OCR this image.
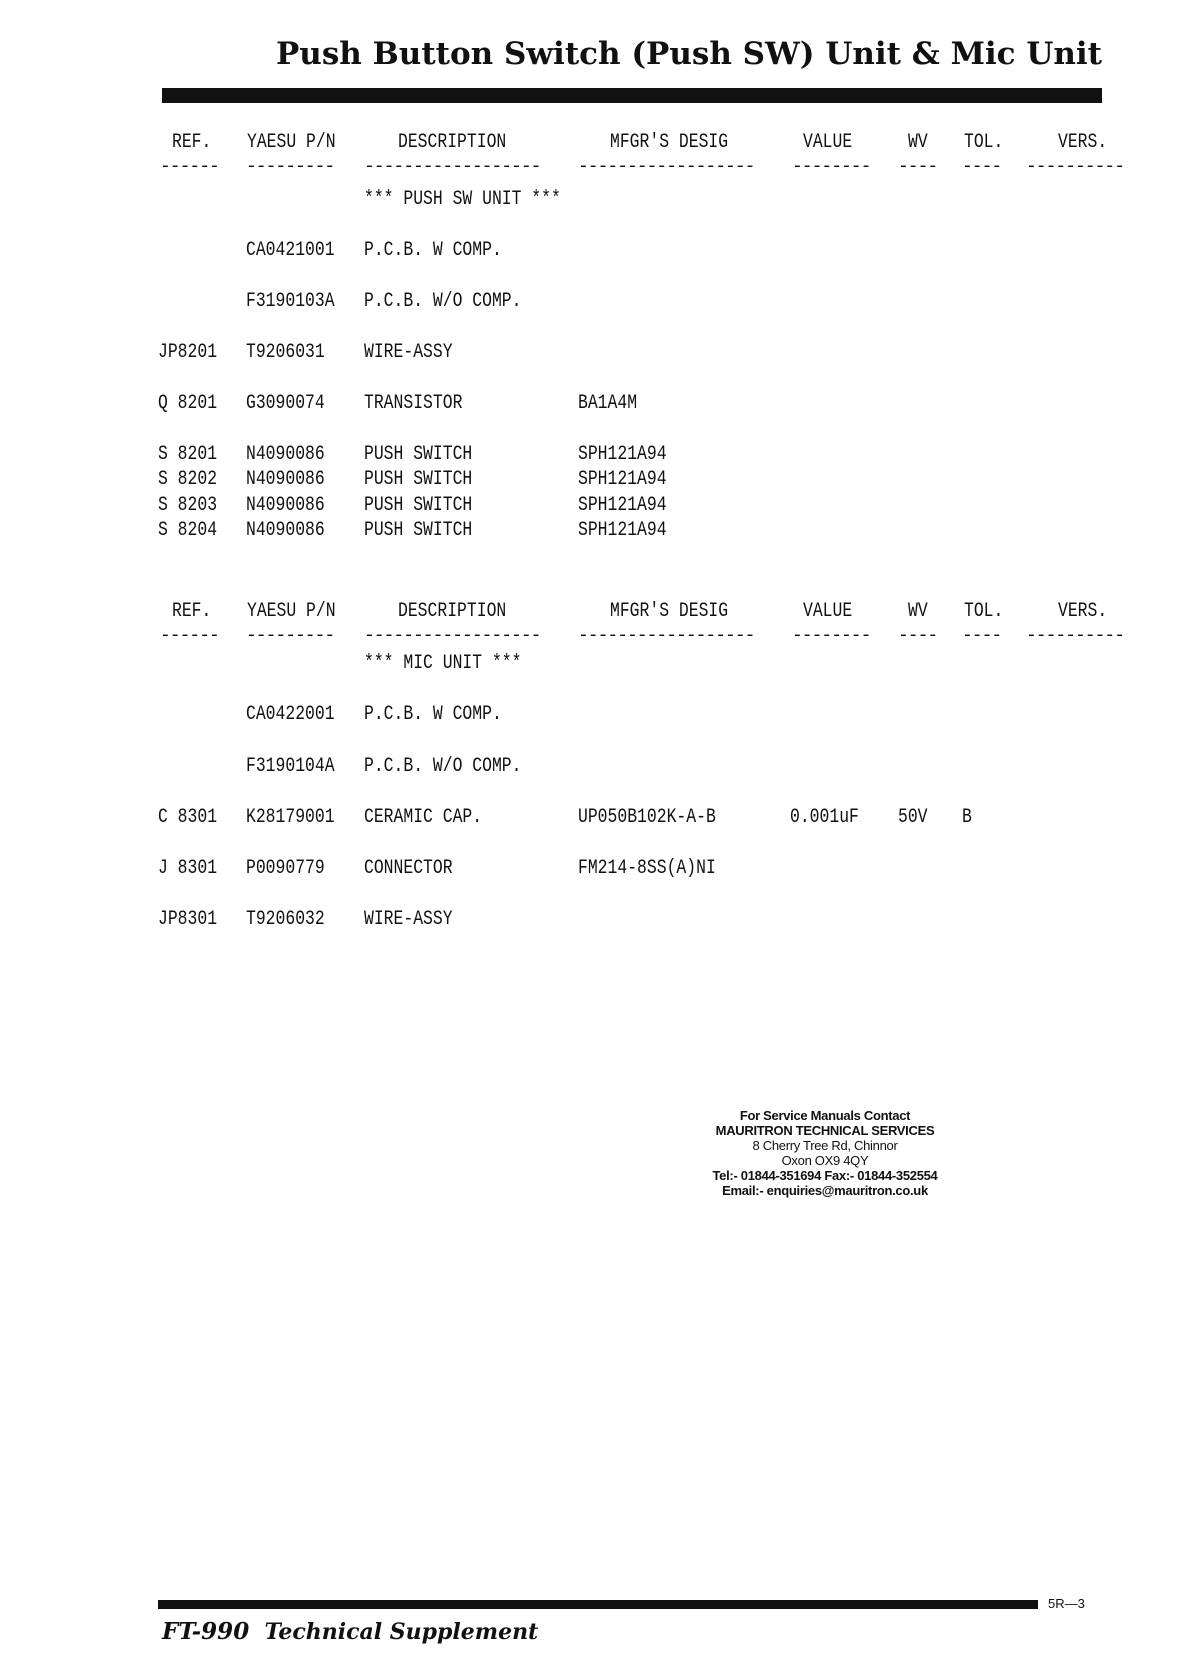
Push Button Switch (Push SW) Unit & Mic Unit
REF. YAESU P/N	DESCRIPTION	MFGR'S DESIG	VALUE	WV TOL.	VERS.
------ --------- ------------------ ------------------ -------- ---- ---- ----------
*** PUSH SW UNIT ***
CA0421001 P.C.B. W COMP.
F3190103A P.C.B. W/O COMP.
JP8201 T9206031 WIRE-ASSY
Q 8201 G3090074 TRANSISTOR	BA1A4M
S 8201 N4090086 PUSH SWITCH	SPH121A94
S 8202 N4090086 PUSH SWITCH	SPH121A94
S 8203 N4090086 PUSH SWITCH	SPH121A94
S 8204 N4090086 PUSH SWITCH	SPH121A94
REF. YAESU P/N	DESCRIPTION	MFGR'S DESIG	VALUE	WV TOL.	VERS.
------ --------- ------------------ ------------------ -------- ---- ---- ----------
*** MIC UNIT ***
CA0422001 P.C.B. W COMP.
F3190104A P.C.B. W/O COMP.
C 8301 K28179001 CERAMIC CAP.	UP050B102K-A-B	0.001uF 50V B
J 8301 P0090779 CONNECTOR	FM214-8SS(A)NI
JP8301 T9206032 WIRE-ASSY
For Service Manuals Contact
MAURITRON TECHNICAL SERVICES
8 Cherry Tree Rd, Chinnor
Oxon OX9 4QY
Tel:- 01844-351694 Fax:- 01844-352554
Email:- enquiries@mauritron.co.uk
5R—3
FT-990 Technical Supplement
